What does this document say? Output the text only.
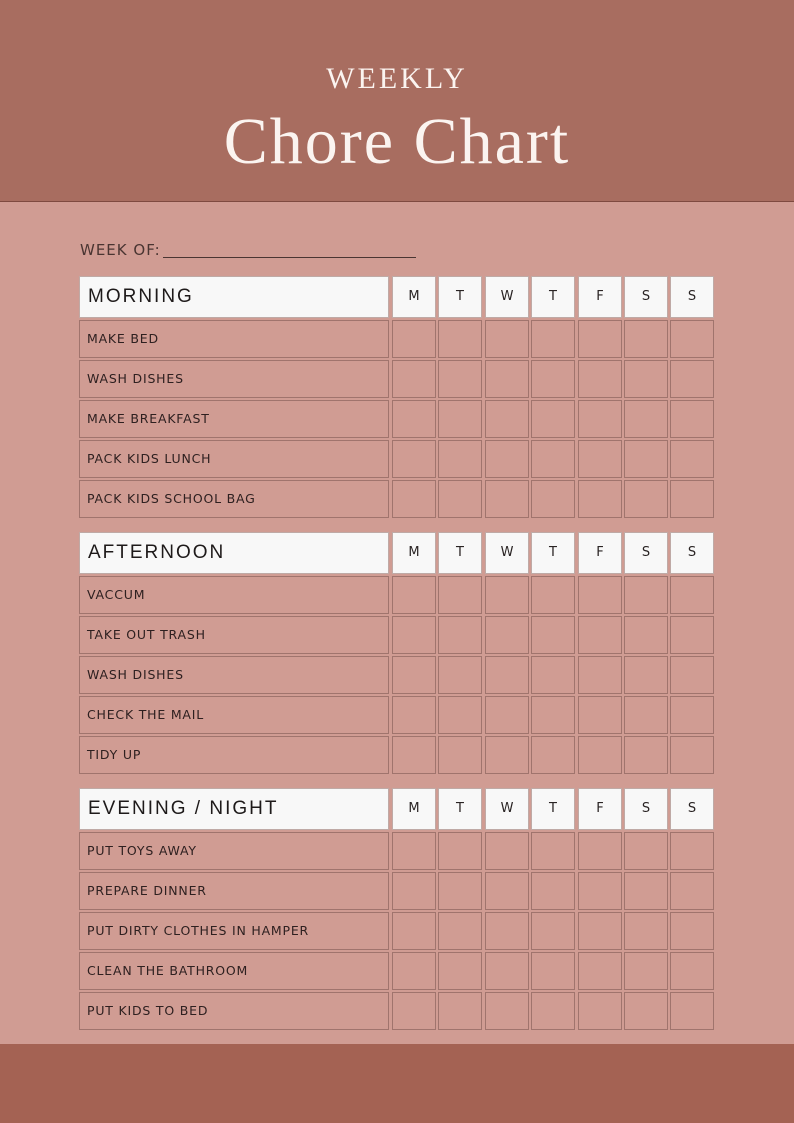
WEEKLY
Chore Chart
WEEK OF:
MORNING	M	T	W	T	F	S	S
MAKE BED
WASH DISHES
MAKE BREAKFAST
PACK KIDS LUNCH
PACK KIDS SCHOOL BAG
AFTERNOON	M	T	W	T	F	S	S
VACCUM
TAKE OUT TRASH
WASH DISHES
CHECK THE MAIL
TIDY UP
EVENING / NIGHT	M	T	W	T	F	S	S
PUT TOYS AWAY
PREPARE DINNER
PUT DIRTY CLOTHES IN HAMPER
CLEAN THE BATHROOM
PUT KIDS TO BED
